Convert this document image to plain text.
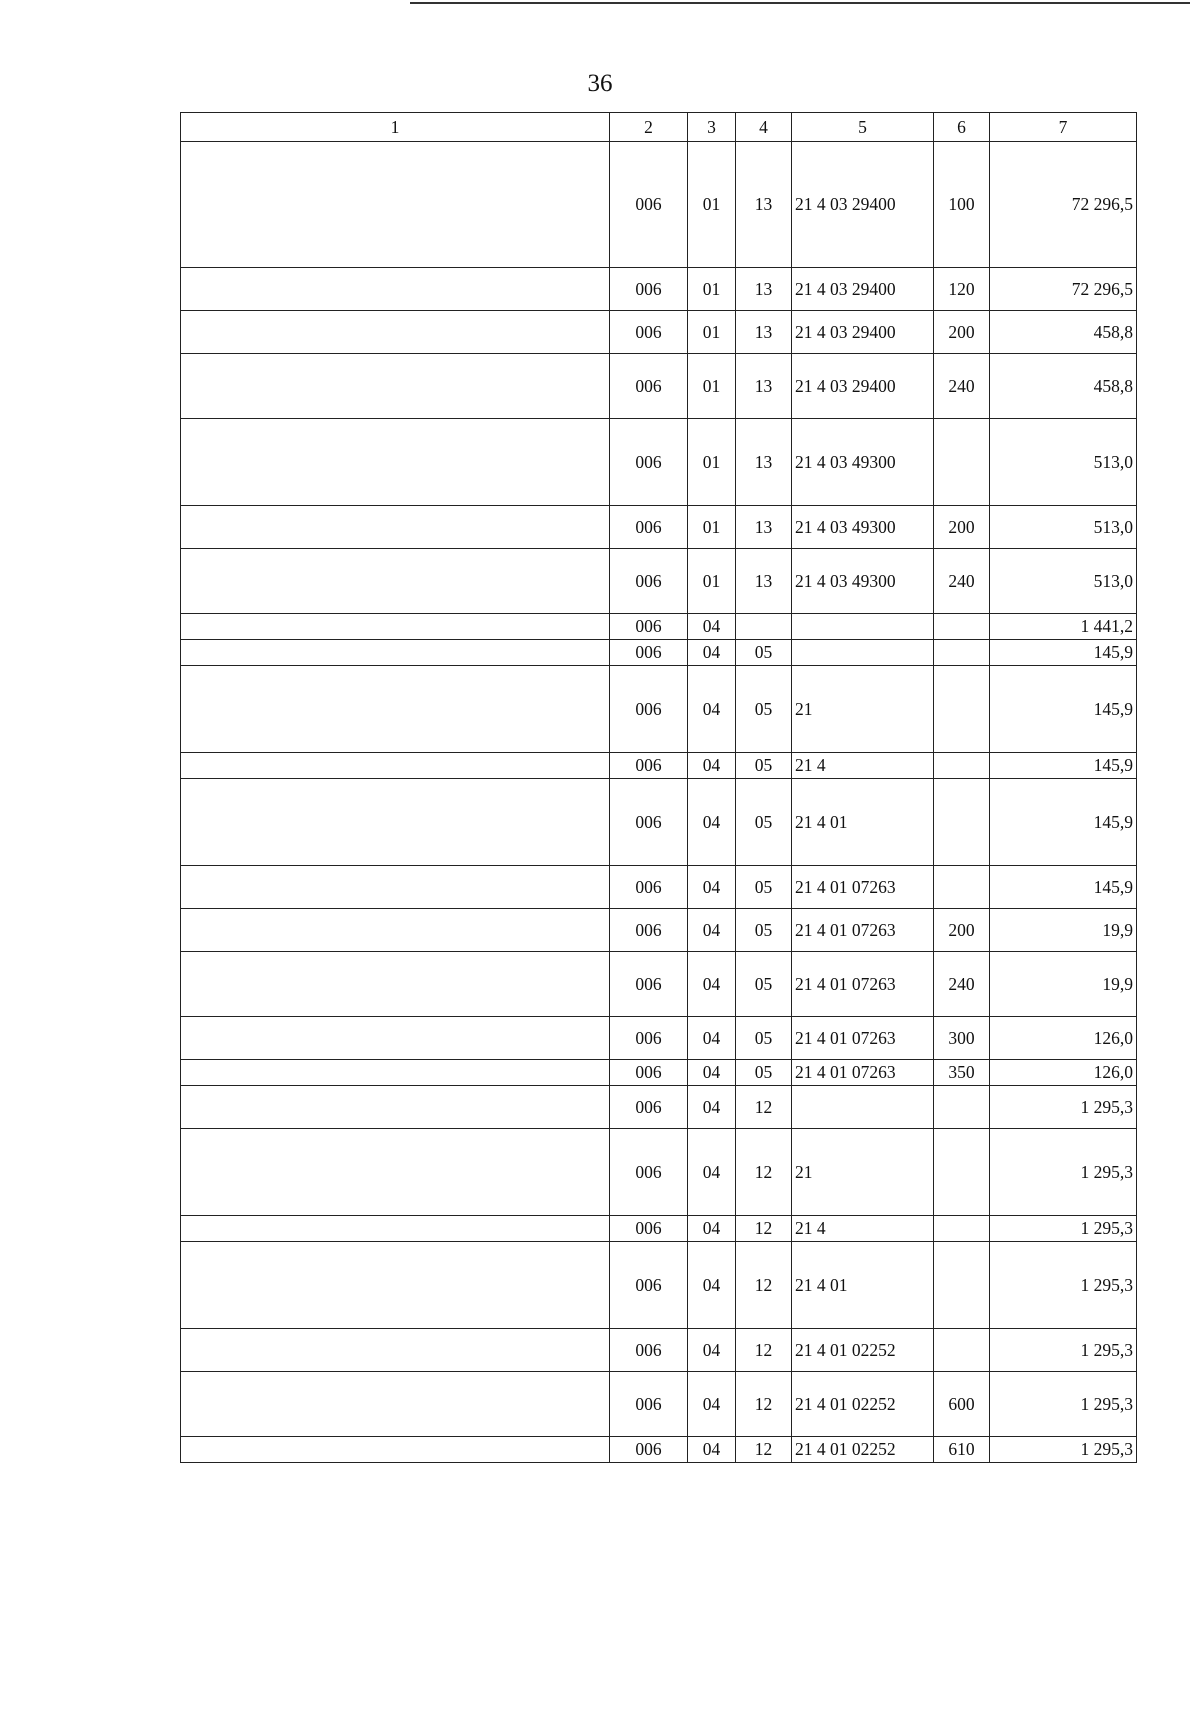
36
1	2	3	4	5	6	7
	006	01	13	21 4 03 29400	100	72 296,5
	006	01	13	21 4 03 29400	120	72 296,5
	006	01	13	21 4 03 29400	200	458,8
	006	01	13	21 4 03 29400	240	458,8
	006	01	13	21 4 03 49300		513,0
	006	01	13	21 4 03 49300	200	513,0
	006	01	13	21 4 03 49300	240	513,0
	006	04				1 441,2
	006	04	05			145,9
	006	04	05	21		145,9
	006	04	05	21 4		145,9
	006	04	05	21 4 01		145,9
	006	04	05	21 4 01 07263		145,9
	006	04	05	21 4 01 07263	200	19,9
	006	04	05	21 4 01 07263	240	19,9
	006	04	05	21 4 01 07263	300	126,0
	006	04	05	21 4 01 07263	350	126,0
	006	04	12			1 295,3
	006	04	12	21		1 295,3
	006	04	12	21 4		1 295,3
	006	04	12	21 4 01		1 295,3
	006	04	12	21 4 01 02252		1 295,3
	006	04	12	21 4 01 02252	600	1 295,3
	006	04	12	21 4 01 02252	610	1 295,3
